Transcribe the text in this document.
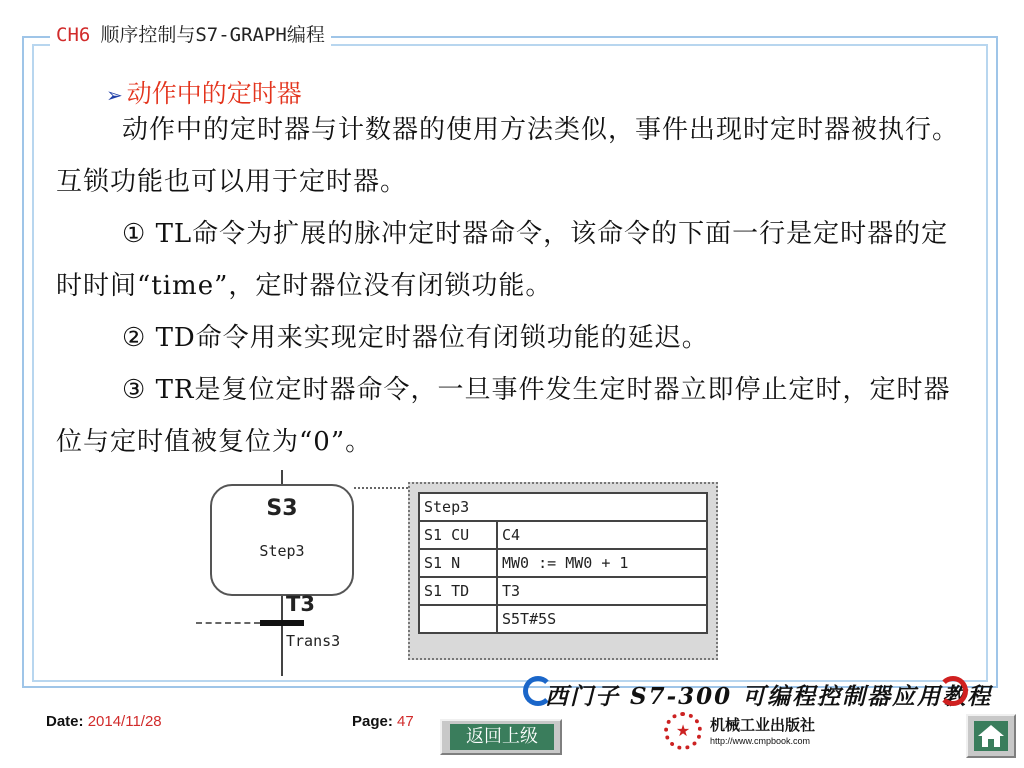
CH6 顺序控制与S7-GRAPH编程
➢ 动作中的定时器
动作中的定时器与计数器的使用方法类似，事件出现时定时器被执行。互锁功能也可以用于定时器。
① TL命令为扩展的脉冲定时器命令，该命令的下面一行是定时器的定时时间“time”，定时器位没有闭锁功能。
② TD命令用来实现定时器位有闭锁功能的延迟。
③ TR是复位定时器命令，一旦事件发生定时器立即停止定时，定时器位与定时值被复位为“0”。
S3
Step3
T3
Trans3
Step3	
S1 CU	C4
S1 N	MW0 := MW0 + 1
S1 TD	T3
	S5T#5S
西门子 S7-300 可编程控制器应用教程
Date: 2014/11/28	Page: 47
返回上级	★	机械工业出版社
http://www.cmpbook.com
